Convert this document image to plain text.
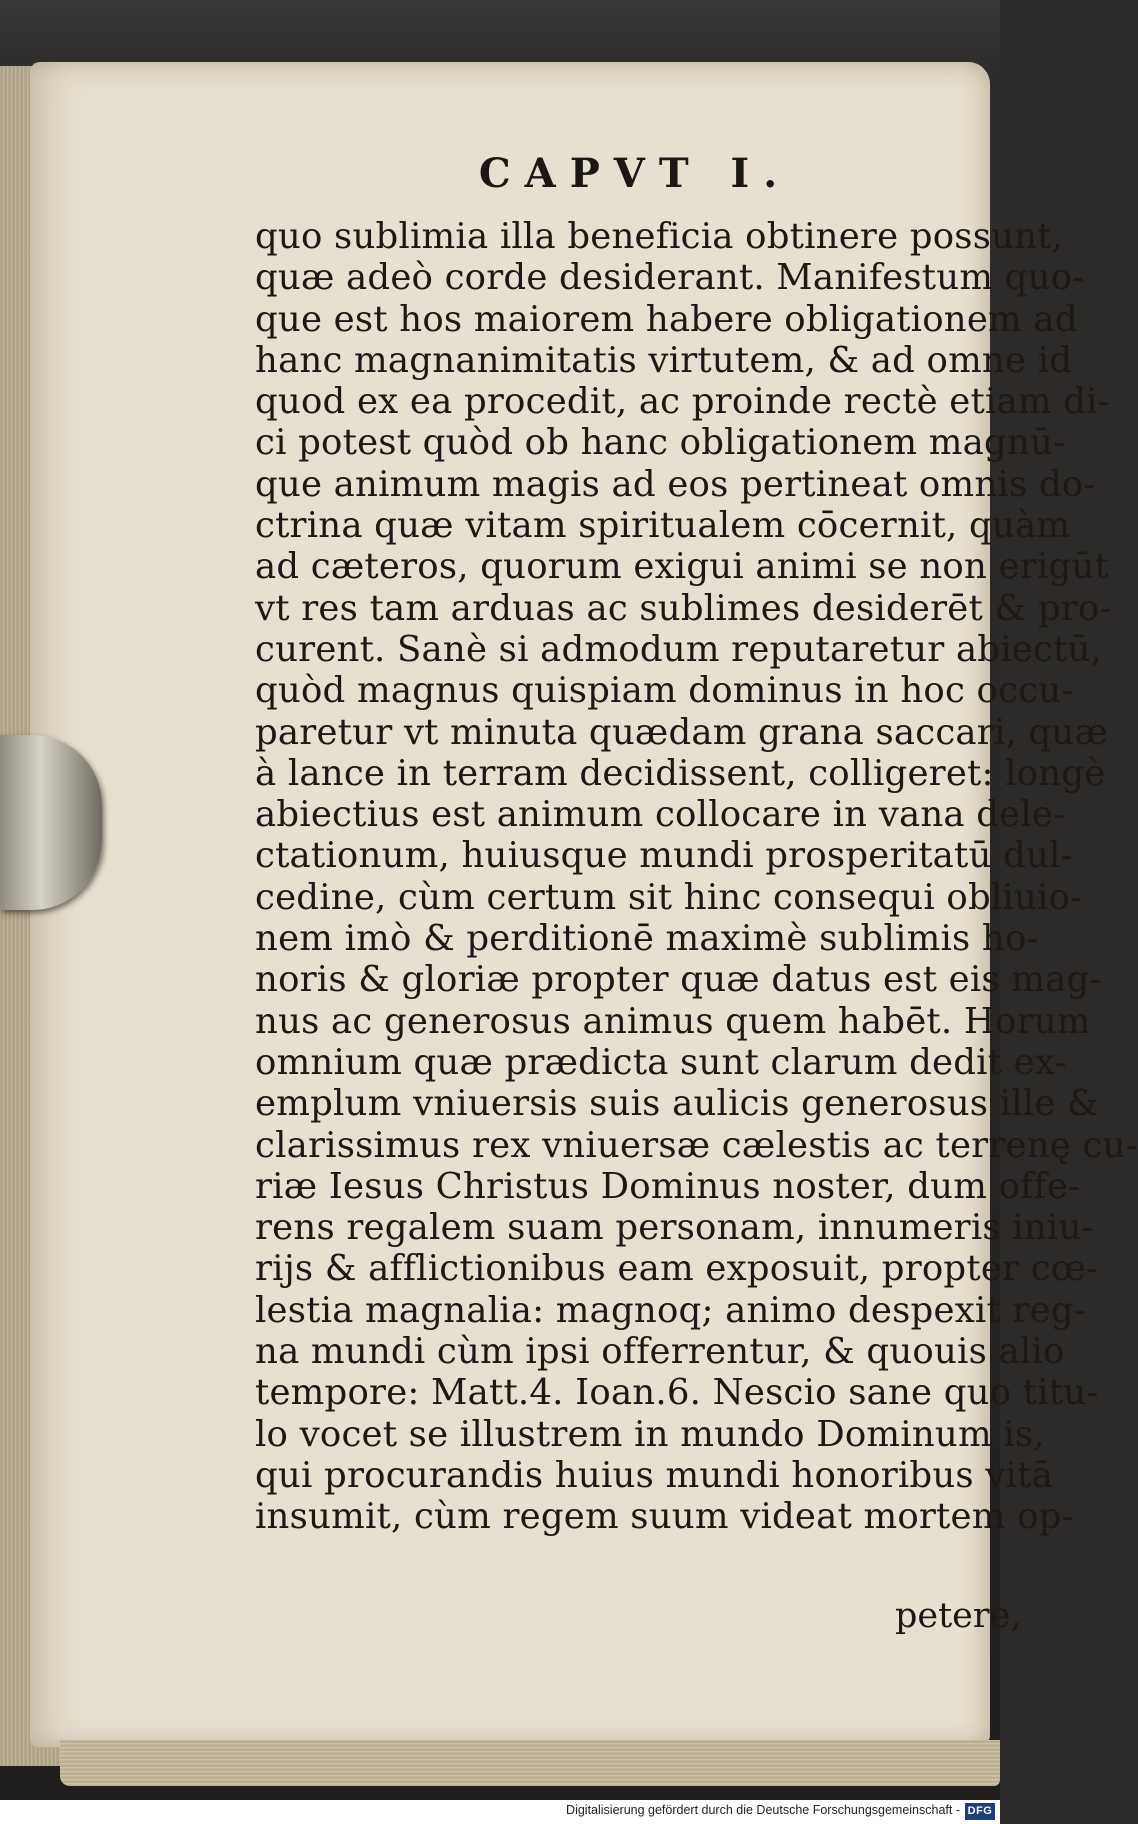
CAPVT I.
quo sublimia illa beneficia obtinere possunt,
quæ adeò corde desiderant. Manifestum quo-
que est hos maiorem habere obligationem ad
hanc magnanimitatis virtutem, & ad omne id
quod ex ea procedit, ac proinde rectè etiam di-
ci potest quòd ob hanc obligationem magnū-
que animum magis ad eos pertineat omnis do-
ctrina quæ vitam spiritualem cōcernit, quàm
ad cæteros, quorum exigui animi se non erigūt
vt res tam arduas ac sublimes desiderēt & pro-
curent. Sanè si admodum reputaretur abiectū,
quòd magnus quispiam dominus in hoc occu-
paretur vt minuta quædam grana saccari, quæ
à lance in terram decidissent, colligeret: longè
abiectius est animum collocare in vana dele-
ctationum, huiusque mundi prosperitatū dul-
cedine, cùm certum sit hinc consequi obliuio-
nem imò & perditionē maximè sublimis ho-
noris & gloriæ propter quæ datus est eis mag-
nus ac generosus animus quem habēt. Horum
omnium quæ prædicta sunt clarum dedit ex-
emplum vniuersis suis aulicis generosus ille &
clarissimus rex vniuersæ cælestis ac terrenę cu-
riæ Iesus Christus Dominus noster, dum offe-
rens regalem suam personam, innumeris iniu-
rijs & afflictionibus eam exposuit, propter cœ-
lestia magnalia: magnoq; animo despexit reg-
na mundi cùm ipsi offerrentur, & quouis alio
tempore: Matt.4. Ioan.6. Nescio sane quo titu-
lo vocet se illustrem in mundo Dominum is,
qui procurandis huius mundi honoribus vitā
insumit, cùm regem suum videat mortem op-
petere,
Digitalisierung gefördert durch die Deutsche Forschungsgemeinschaft - DFG
